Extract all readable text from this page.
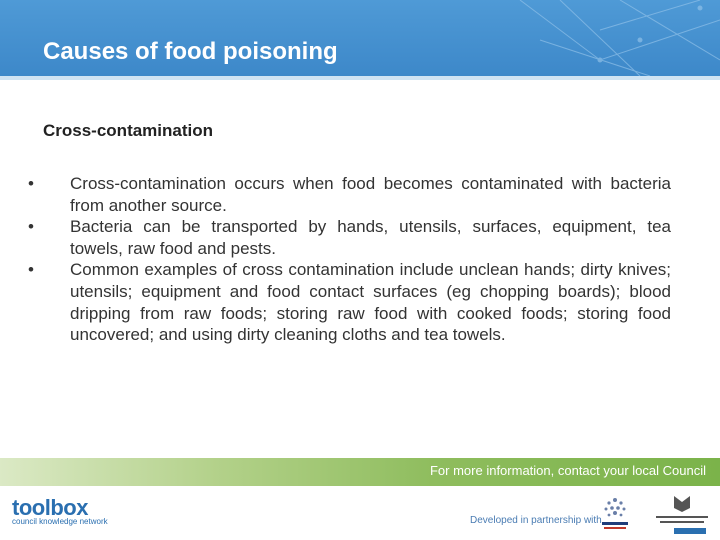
Causes of food poisoning
Cross-contamination
•	Cross-contamination occurs when food becomes contaminated with bacteria from another source.
•	Bacteria can be transported by hands, utensils, surfaces, equipment, tea towels, raw food and pests.
•	Common examples of cross contamination include unclean hands; dirty knives; utensils; equipment and food contact surfaces (eg chopping boards); blood dripping from raw foods; storing raw food with cooked foods; storing food uncovered; and using dirty cleaning cloths and tea towels.
For more information, contact your local Council
toolbox
council knowledge network	Developed in partnership with
